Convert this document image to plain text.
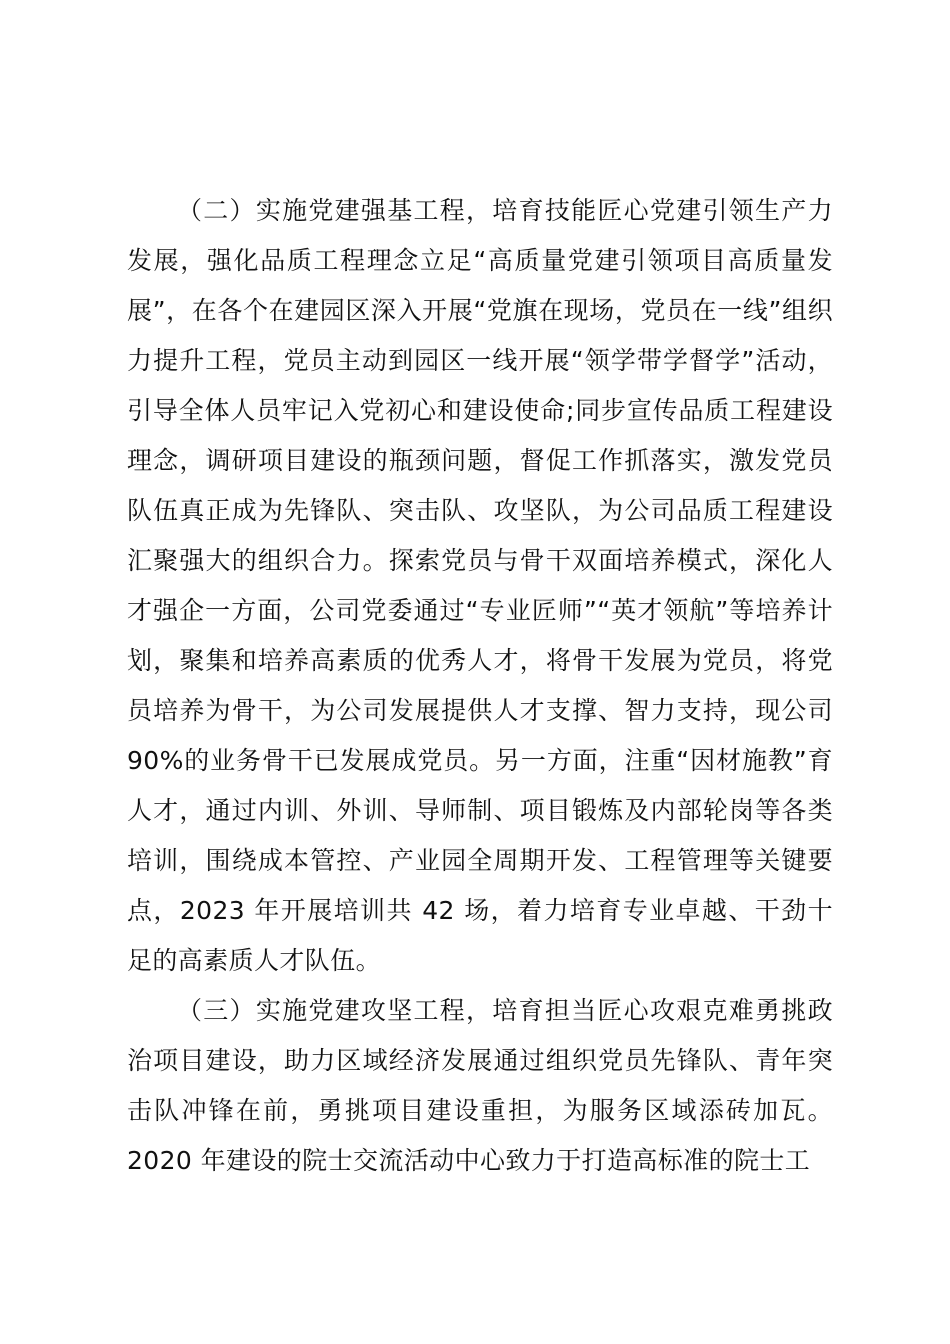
（二）实施党建强基工程，培育技能匠心党建引领生产力发展，强化品质工程理念立足“高质量党建引领项目高质量发展”，在各个在建园区深入开展“党旗在现场，党员在一线”组织力提升工程，党员主动到园区一线开展“领学带学督学”活动，引导全体人员牢记入党初心和建设使命;同步宣传品质工程建设理念，调研项目建设的瓶颈问题，督促工作抓落实，激发党员队伍真正成为先锋队、突击队、攻坚队，为公司品质工程建设汇聚强大的组织合力。探索党员与骨干双面培养模式，深化人才强企一方面，公司党委通过“专业匠师”“英才领航”等培养计划，聚集和培养高素质的优秀人才，将骨干发展为党员，将党员培养为骨干，为公司发展提供人才支撑、智力支持，现公司 90%的业务骨干已发展成党员。另一方面，注重“因材施教”育人才，通过内训、外训、导师制、项目锻炼及内部轮岗等各类培训，围绕成本管控、产业园全周期开发、工程管理等关键要点，2023 年开展培训共 42 场，着力培育专业卓越、干劲十足的高素质人才队伍。

（三）实施党建攻坚工程，培育担当匠心攻艰克难勇挑政治项目建设，助力区域经济发展通过组织党员先锋队、青年突击队冲锋在前，勇挑项目建设重担，为服务区域添砖加瓦。2020 年建设的院士交流活动中心致力于打造高标准的院士工
